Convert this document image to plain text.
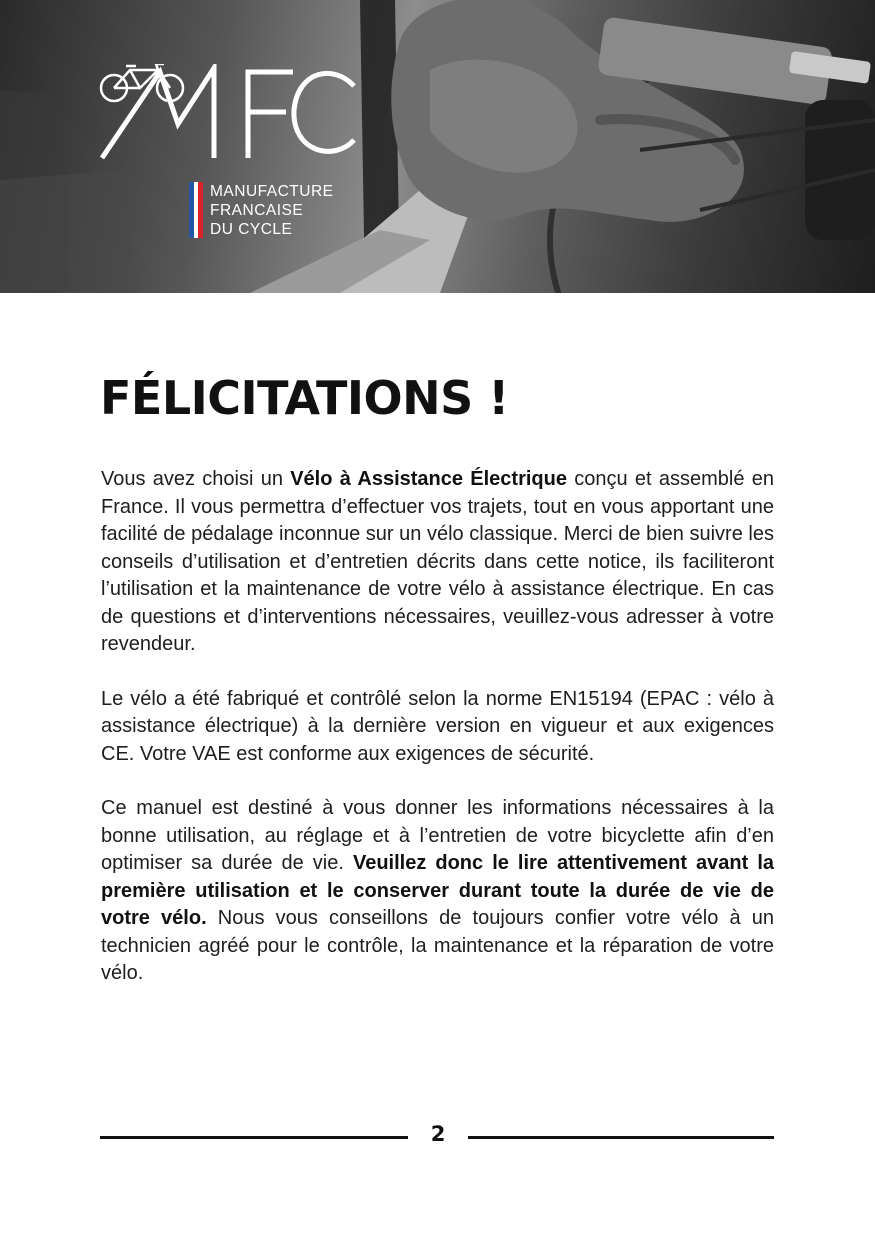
MANUFACTURE
FRANCAISE
DU CYCLE
FÉLICITATIONS !

Vous avez choisi un Vélo à Assistance Électrique conçu et assemblé en France. Il vous permettra d’effectuer vos trajets, tout en vous apportant une facilité de pédalage inconnue sur un vélo classique. Merci de bien suivre les conseils d’utilisation et d’entretien décrits dans cette notice, ils faciliteront l’utilisation et la maintenance de votre vélo à assistance électrique. En cas de questions et d’interventions nécessaires, veuillez-vous adresser à votre revendeur.

Le vélo a été fabriqué et contrôlé selon la norme EN15194 (EPAC : vélo à assistance électrique) à la dernière version en vigueur et aux exigences CE. Votre VAE est conforme aux exigences de sécurité.

Ce manuel est destiné à vous donner les informations nécessaires à la bonne utilisation, au réglage et à l’entretien de votre bicyclette afin d’en optimiser sa durée de vie. Veuillez donc le lire attentivement avant la première utilisation et le conserver durant toute la durée de vie de votre vélo. Nous vous conseillons de toujours confier votre vélo à un technicien agréé pour le contrôle, la maintenance et la réparation de votre vélo.

2
